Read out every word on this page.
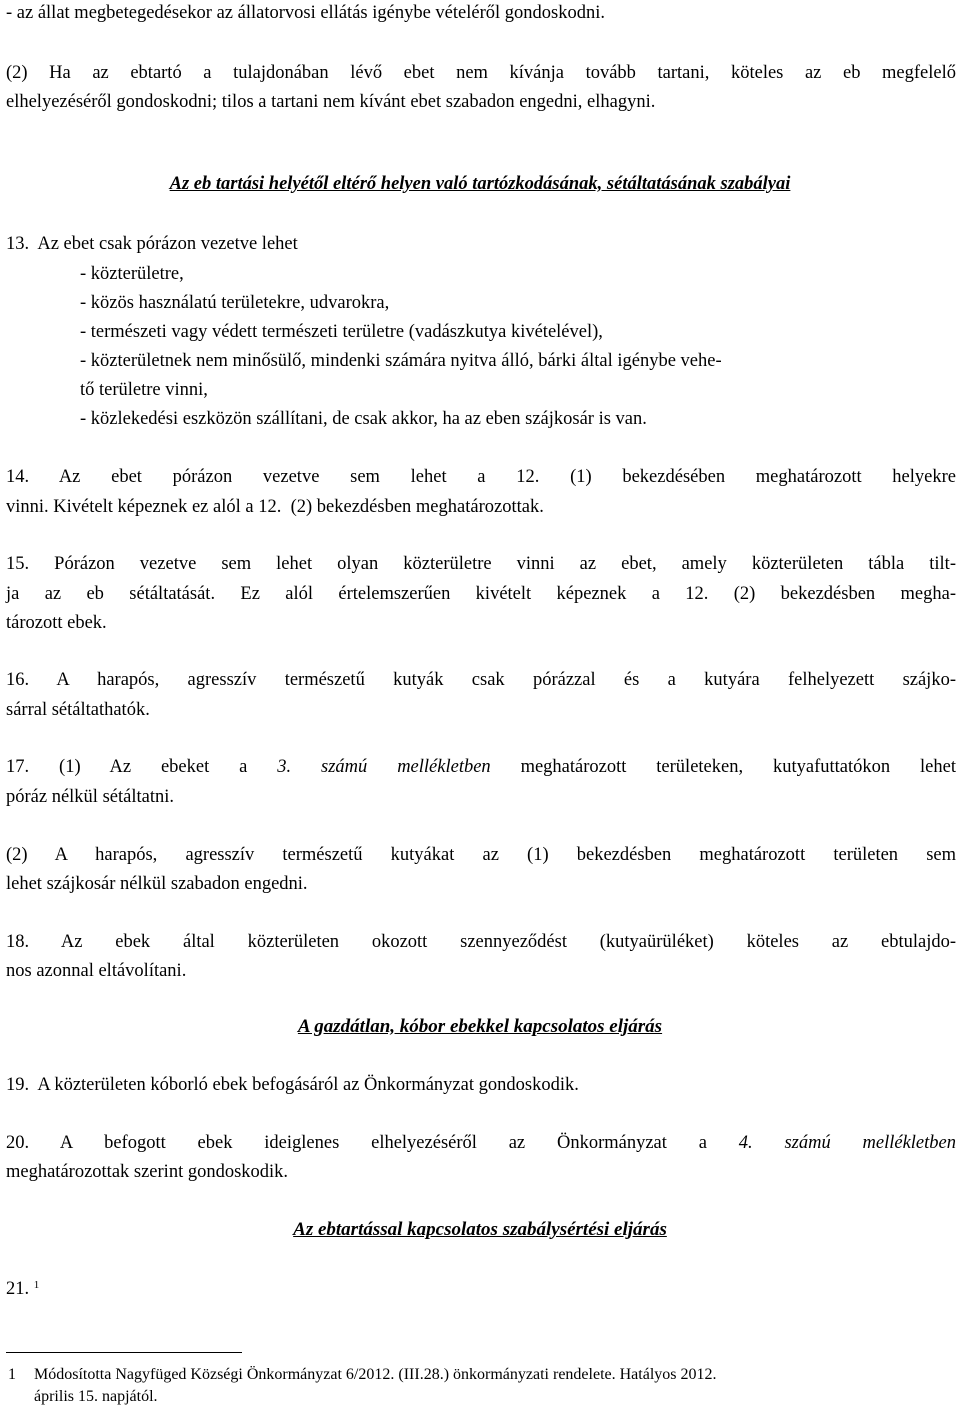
- az állat megbetegedésekor az állatorvosi ellátás igénybe vételéről gondoskodni.
(2) Ha az ebtartó a tulajdonában lévő ebet nem kívánja tovább tartani, köteles az eb megfelelő
elhelyezéséről gondoskodni; tilos a tartani nem kívánt ebet szabadon engedni, elhagyni.
Az eb tartási helyétől eltérő helyen való tartózkodásának, sétáltatásának szabályai
13.  Az ebet csak pórázon vezetve lehet
- közterületre,
- közös használatú területekre, udvarokra,
- természeti vagy védett természeti területre (vadászkutya kivételével),
- közterületnek nem minősülő, mindenki számára nyitva álló, bárki által igénybe vehe-
tő területre vinni,
- közlekedési eszközön szállítani, de csak akkor, ha az eben szájkosár is van.
14. Az ebet pórázon vezetve sem lehet a 12. (1) bekezdésében meghatározott helyekre
vinni. Kivételt képeznek ez alól a 12.  (2) bekezdésben meghatározottak.
15. Pórázon vezetve sem lehet olyan közterületre vinni az ebet, amely közterületen tábla tilt-
ja az eb sétáltatását. Ez alól értelemszerűen kivételt képeznek a 12. (2) bekezdésben megha-
tározott ebek.
16. A harapós, agresszív természetű kutyák csak pórázzal és a kutyára felhelyezett szájko-
sárral sétáltathatók.
17. (1) Az ebeket a 3. számú mellékletben meghatározott területeken, kutyafuttatókon lehet
póráz nélkül sétáltatni.
(2) A harapós, agresszív természetű kutyákat az (1) bekezdésben meghatározott területen sem
lehet szájkosár nélkül szabadon engedni.
18. Az ebek által közterületen okozott szennyeződést (kutyaürüléket) köteles az ebtulajdo-
nos azonnal eltávolítani.
A gazdátlan, kóbor ebekkel kapcsolatos eljárás
19.  A közterületen kóborló ebek befogásáról az Önkormányzat gondoskodik.
20. A befogott ebek ideiglenes elhelyezéséről az Önkormányzat a 4. számú mellékletben
meghatározottak szerint gondoskodik.
Az ebtartással kapcsolatos szabálysértési eljárás
21. $^1$
1 Módosította Nagyfüged Községi Önkormányzat 6/2012. (III.28.) önkormányzati rendelete. Hatályos 2012.
április 15. napjától.
